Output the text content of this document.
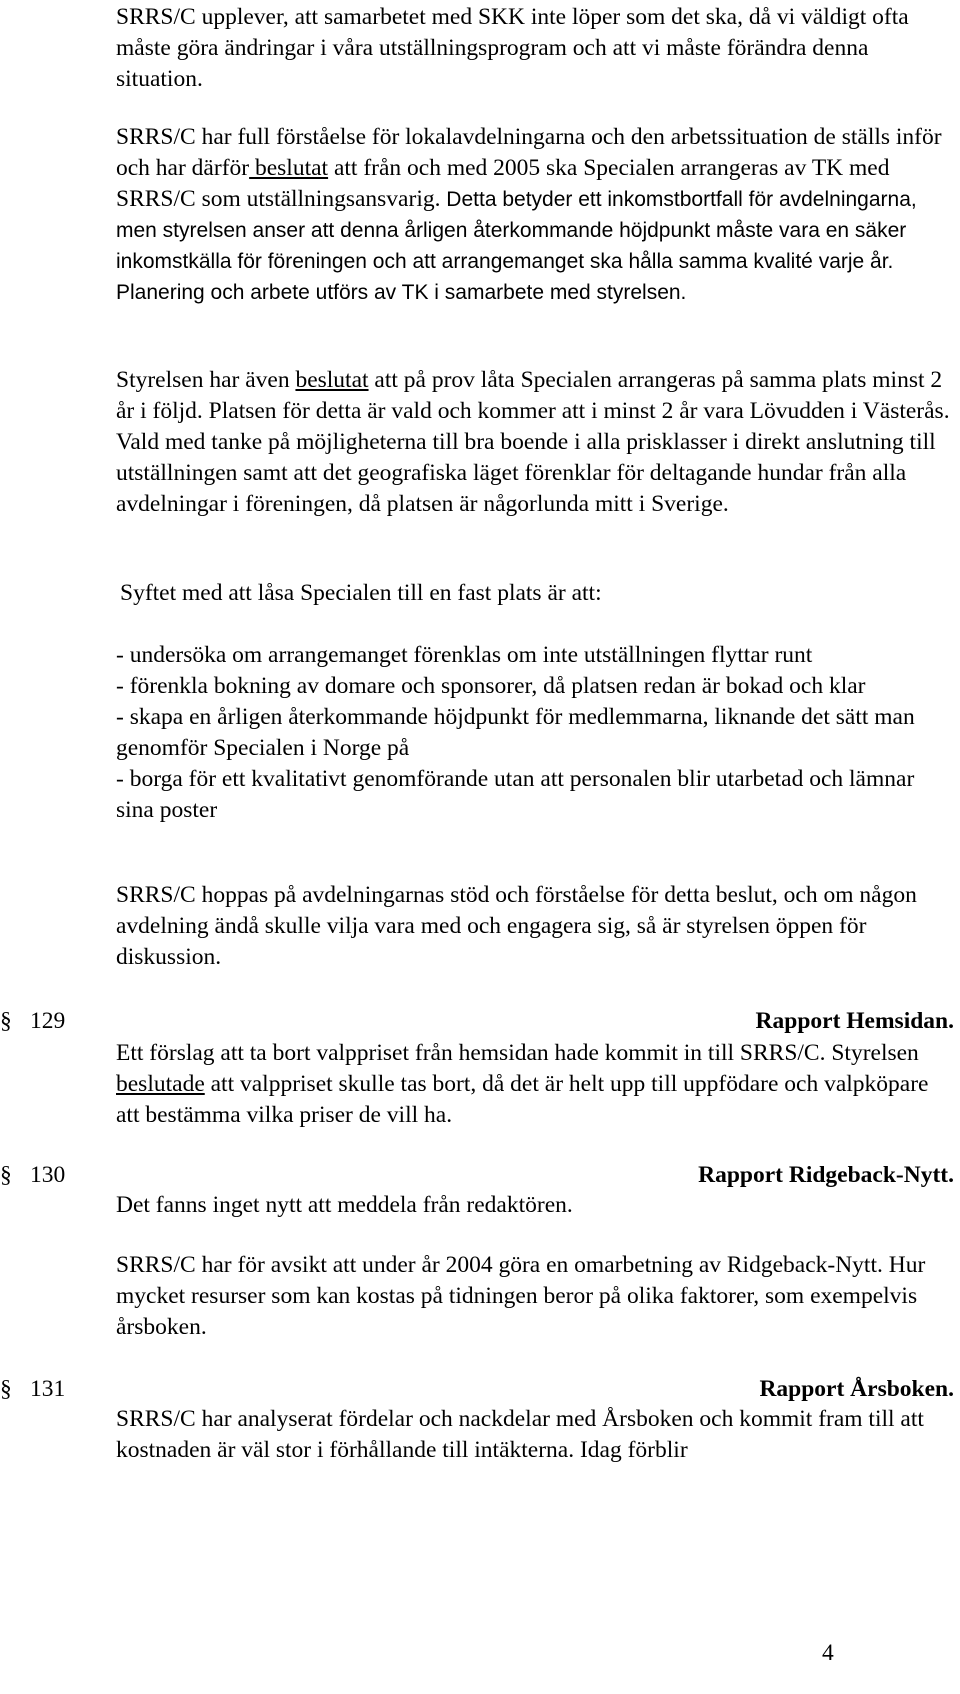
SRRS/C upplever, att samarbetet med SKK inte löper som det ska, då vi väldigt ofta måste göra ändringar i våra utställningsprogram och att vi måste förändra denna situation.

SRRS/C har full förståelse för lokalavdelningarna och den arbetssituation de ställs inför och har därför beslutat att från och med 2005 ska Specialen arrangeras av TK med SRRS/C som utställningsansvarig. Detta betyder ett inkomstbortfall för avdelningarna, men styrelsen anser att denna årligen återkommande höjdpunkt måste vara en säker inkomstkälla för föreningen och att arrangemanget ska hålla samma kvalité varje år. Planering och arbete utförs av TK i samarbete med styrelsen.

Styrelsen har även beslutat att på prov låta Specialen arrangeras på samma plats minst 2 år i följd. Platsen för detta är vald och kommer att i minst 2 år vara Lövudden i Västerås. Vald med tanke på möjligheterna till bra boende i alla prisklasser i direkt anslutning till utställningen samt att det geografiska läget förenklar för deltagande hundar från alla avdelningar i föreningen, då platsen är någorlunda mitt i Sverige.

Syftet med att låsa Specialen till en fast plats är att:

- undersöka om arrangemanget förenklas om inte utställningen flyttar runt
- förenkla bokning av domare och sponsorer, då platsen redan är bokad och klar
- skapa en årligen återkommande höjdpunkt för medlemmarna, liknande det sätt man genomför Specialen i Norge på
- borga för ett kvalitativt genomförande utan att personalen blir utarbetad och lämnar sina poster

SRRS/C hoppas på avdelningarnas stöd och förståelse för detta beslut, och om någon avdelning ändå skulle vilja vara med och engagera sig, så är styrelsen öppen för diskussion.

§ 129	Rapport Hemsidan.

Ett förslag att ta bort valppriset från hemsidan hade kommit in till SRRS/C. Styrelsen beslutade att valppriset skulle tas bort, då det är helt upp till uppfödare och valpköpare att bestämma vilka priser de vill ha.

§ 130	Rapport Ridgeback-Nytt.

Det fanns inget nytt att meddela från redaktören.

SRRS/C har för avsikt att under år 2004 göra en omarbetning av Ridgeback-Nytt. Hur mycket resurser som kan kostas på tidningen beror på olika faktorer, som exempelvis årsboken.

§ 131	Rapport Årsboken.

SRRS/C har analyserat fördelar och nackdelar med Årsboken och kommit fram till att kostnaden är väl stor i förhållande till intäkterna. Idag förblir

4
